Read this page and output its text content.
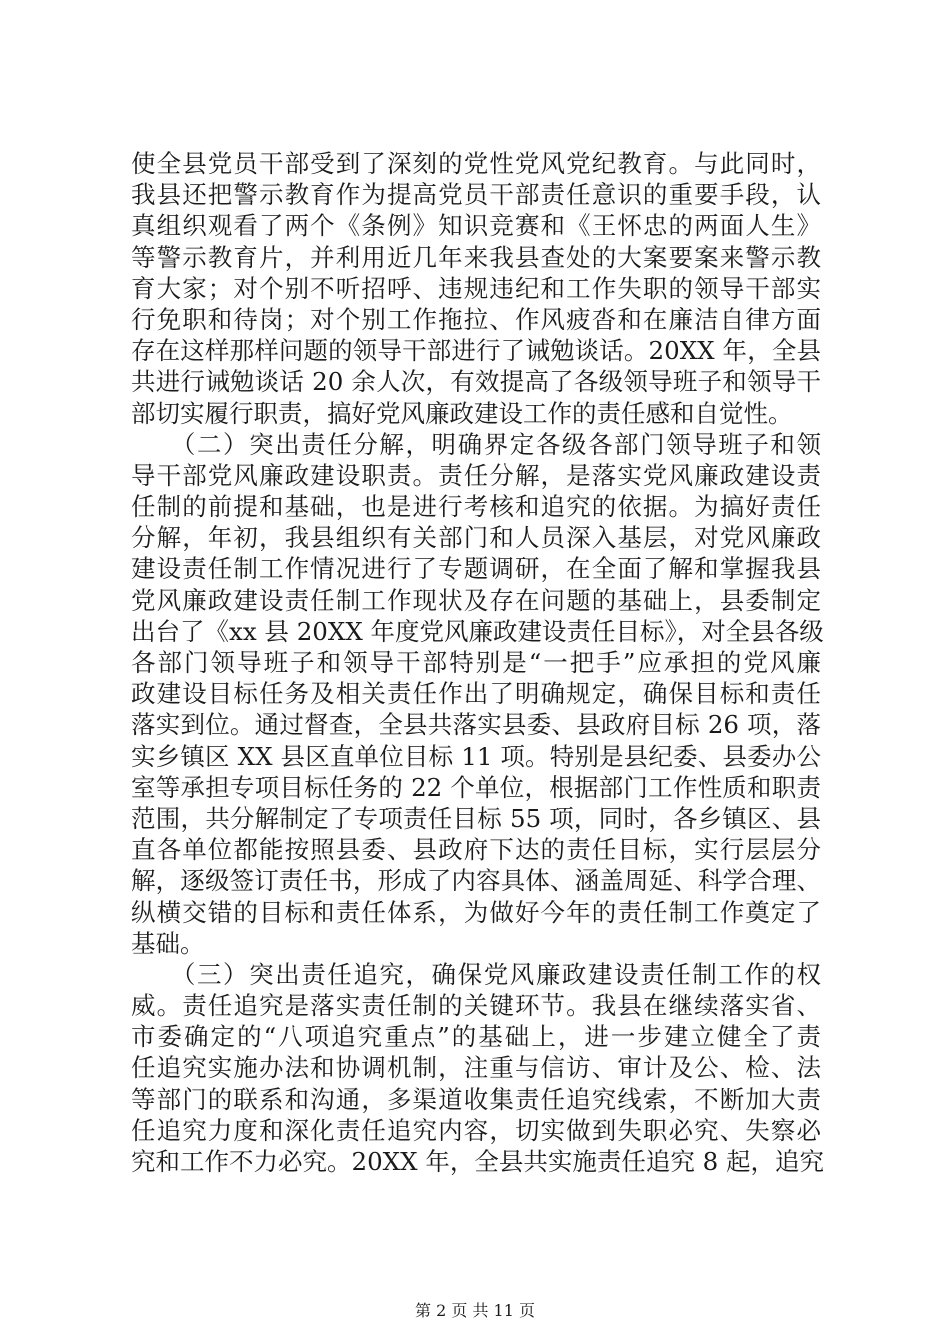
使全县党员干部受到了深刻的党性党风党纪教育。与此同时，
我县还把警示教育作为提高党员干部责任意识的重要手段，认
真组织观看了两个《条例》知识竞赛和《王怀忠的两面人生》
等警示教育片，并利用近几年来我县查处的大案要案来警示教
育大家；对个别不听招呼、违规违纪和工作失职的领导干部实
行免职和待岗；对个别工作拖拉、作风疲沓和在廉洁自律方面
存在这样那样问题的领导干部进行了诫勉谈话。20XX 年，全县
共进行诫勉谈话 20 余人次，有效提高了各级领导班子和领导干
部切实履行职责，搞好党风廉政建设工作的责任感和自觉性。
　　（二）突出责任分解，明确界定各级各部门领导班子和领
导干部党风廉政建设职责。责任分解，是落实党风廉政建设责
任制的前提和基础，也是进行考核和追究的依据。为搞好责任
分解，年初，我县组织有关部门和人员深入基层，对党风廉政
建设责任制工作情况进行了专题调研，在全面了解和掌握我县
党风廉政建设责任制工作现状及存在问题的基础上，县委制定
出台了《xx 县 20XX 年度党风廉政建设责任目标》，对全县各级
各部门领导班子和领导干部特别是“一把手”应承担的党风廉
政建设目标任务及相关责任作出了明确规定，确保目标和责任
落实到位。通过督查，全县共落实县委、县政府目标 26 项，落
实乡镇区 XX 县区直单位目标 11 项。特别是县纪委、县委办公
室等承担专项目标任务的 22 个单位，根据部门工作性质和职责
范围，共分解制定了专项责任目标 55 项，同时，各乡镇区、县
直各单位都能按照县委、县政府下达的责任目标，实行层层分
解，逐级签订责任书，形成了内容具体、涵盖周延、科学合理、
纵横交错的目标和责任体系，为做好今年的责任制工作奠定了
基础。
　　（三）突出责任追究，确保党风廉政建设责任制工作的权
威。责任追究是落实责任制的关键环节。我县在继续落实省、
市委确定的“八项追究重点”的基础上，进一步建立健全了责
任追究实施办法和协调机制，注重与信访、审计及公、检、法
等部门的联系和沟通，多渠道收集责任追究线索，不断加大责
任追究力度和深化责任追究内容，切实做到失职必究、失察必
究和工作不力必究。20XX 年，全县共实施责任追究 8 起，追究
第 2 页 共 11 页
